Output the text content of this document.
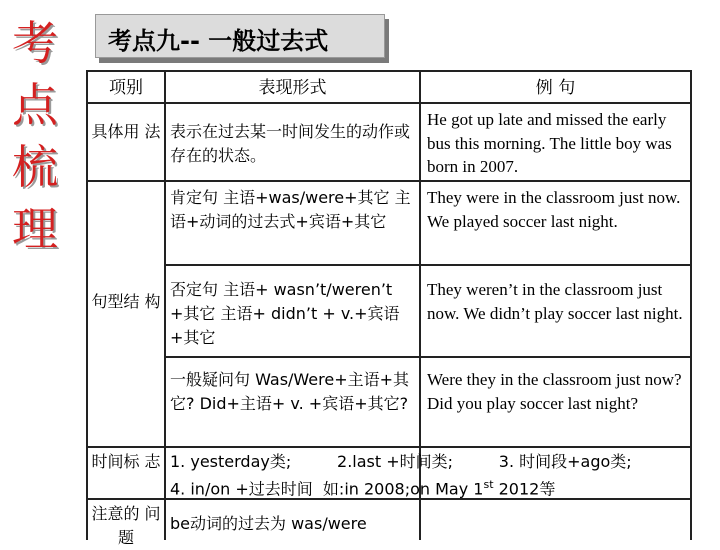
考
点
梳
理
考点九-- 一般过去式
项别	表现形式	例 句
具体用 法 表示在过去某一时间发生的动作或存在的状态。
He got up late and missed the early bus this morning. The little boy was born in 2007.
句型结 构
肯定句 主语+was/were+其它 主语+动词的过去式+宾语+其它
They were in the classroom just now. We played soccer last night.
否定句 主语+ wasn’t/weren’t +其它 主语+ didn’t + v.+宾语+其它
They weren’t in the classroom just now. We didn’t play soccer last night.
一般疑问句 Was/Were+主语+其它? Did+主语+ v. +宾语+其它?
Were they in the classroom just now? Did you play soccer last night?
时间标 志 1. yesterday类;         2.last +时间类;         3. 时间段+ago类;
4. in/on +过去时间  如:in 2008;on May 1st 2012等
注意的 问题
be动词的过去为 was/were
